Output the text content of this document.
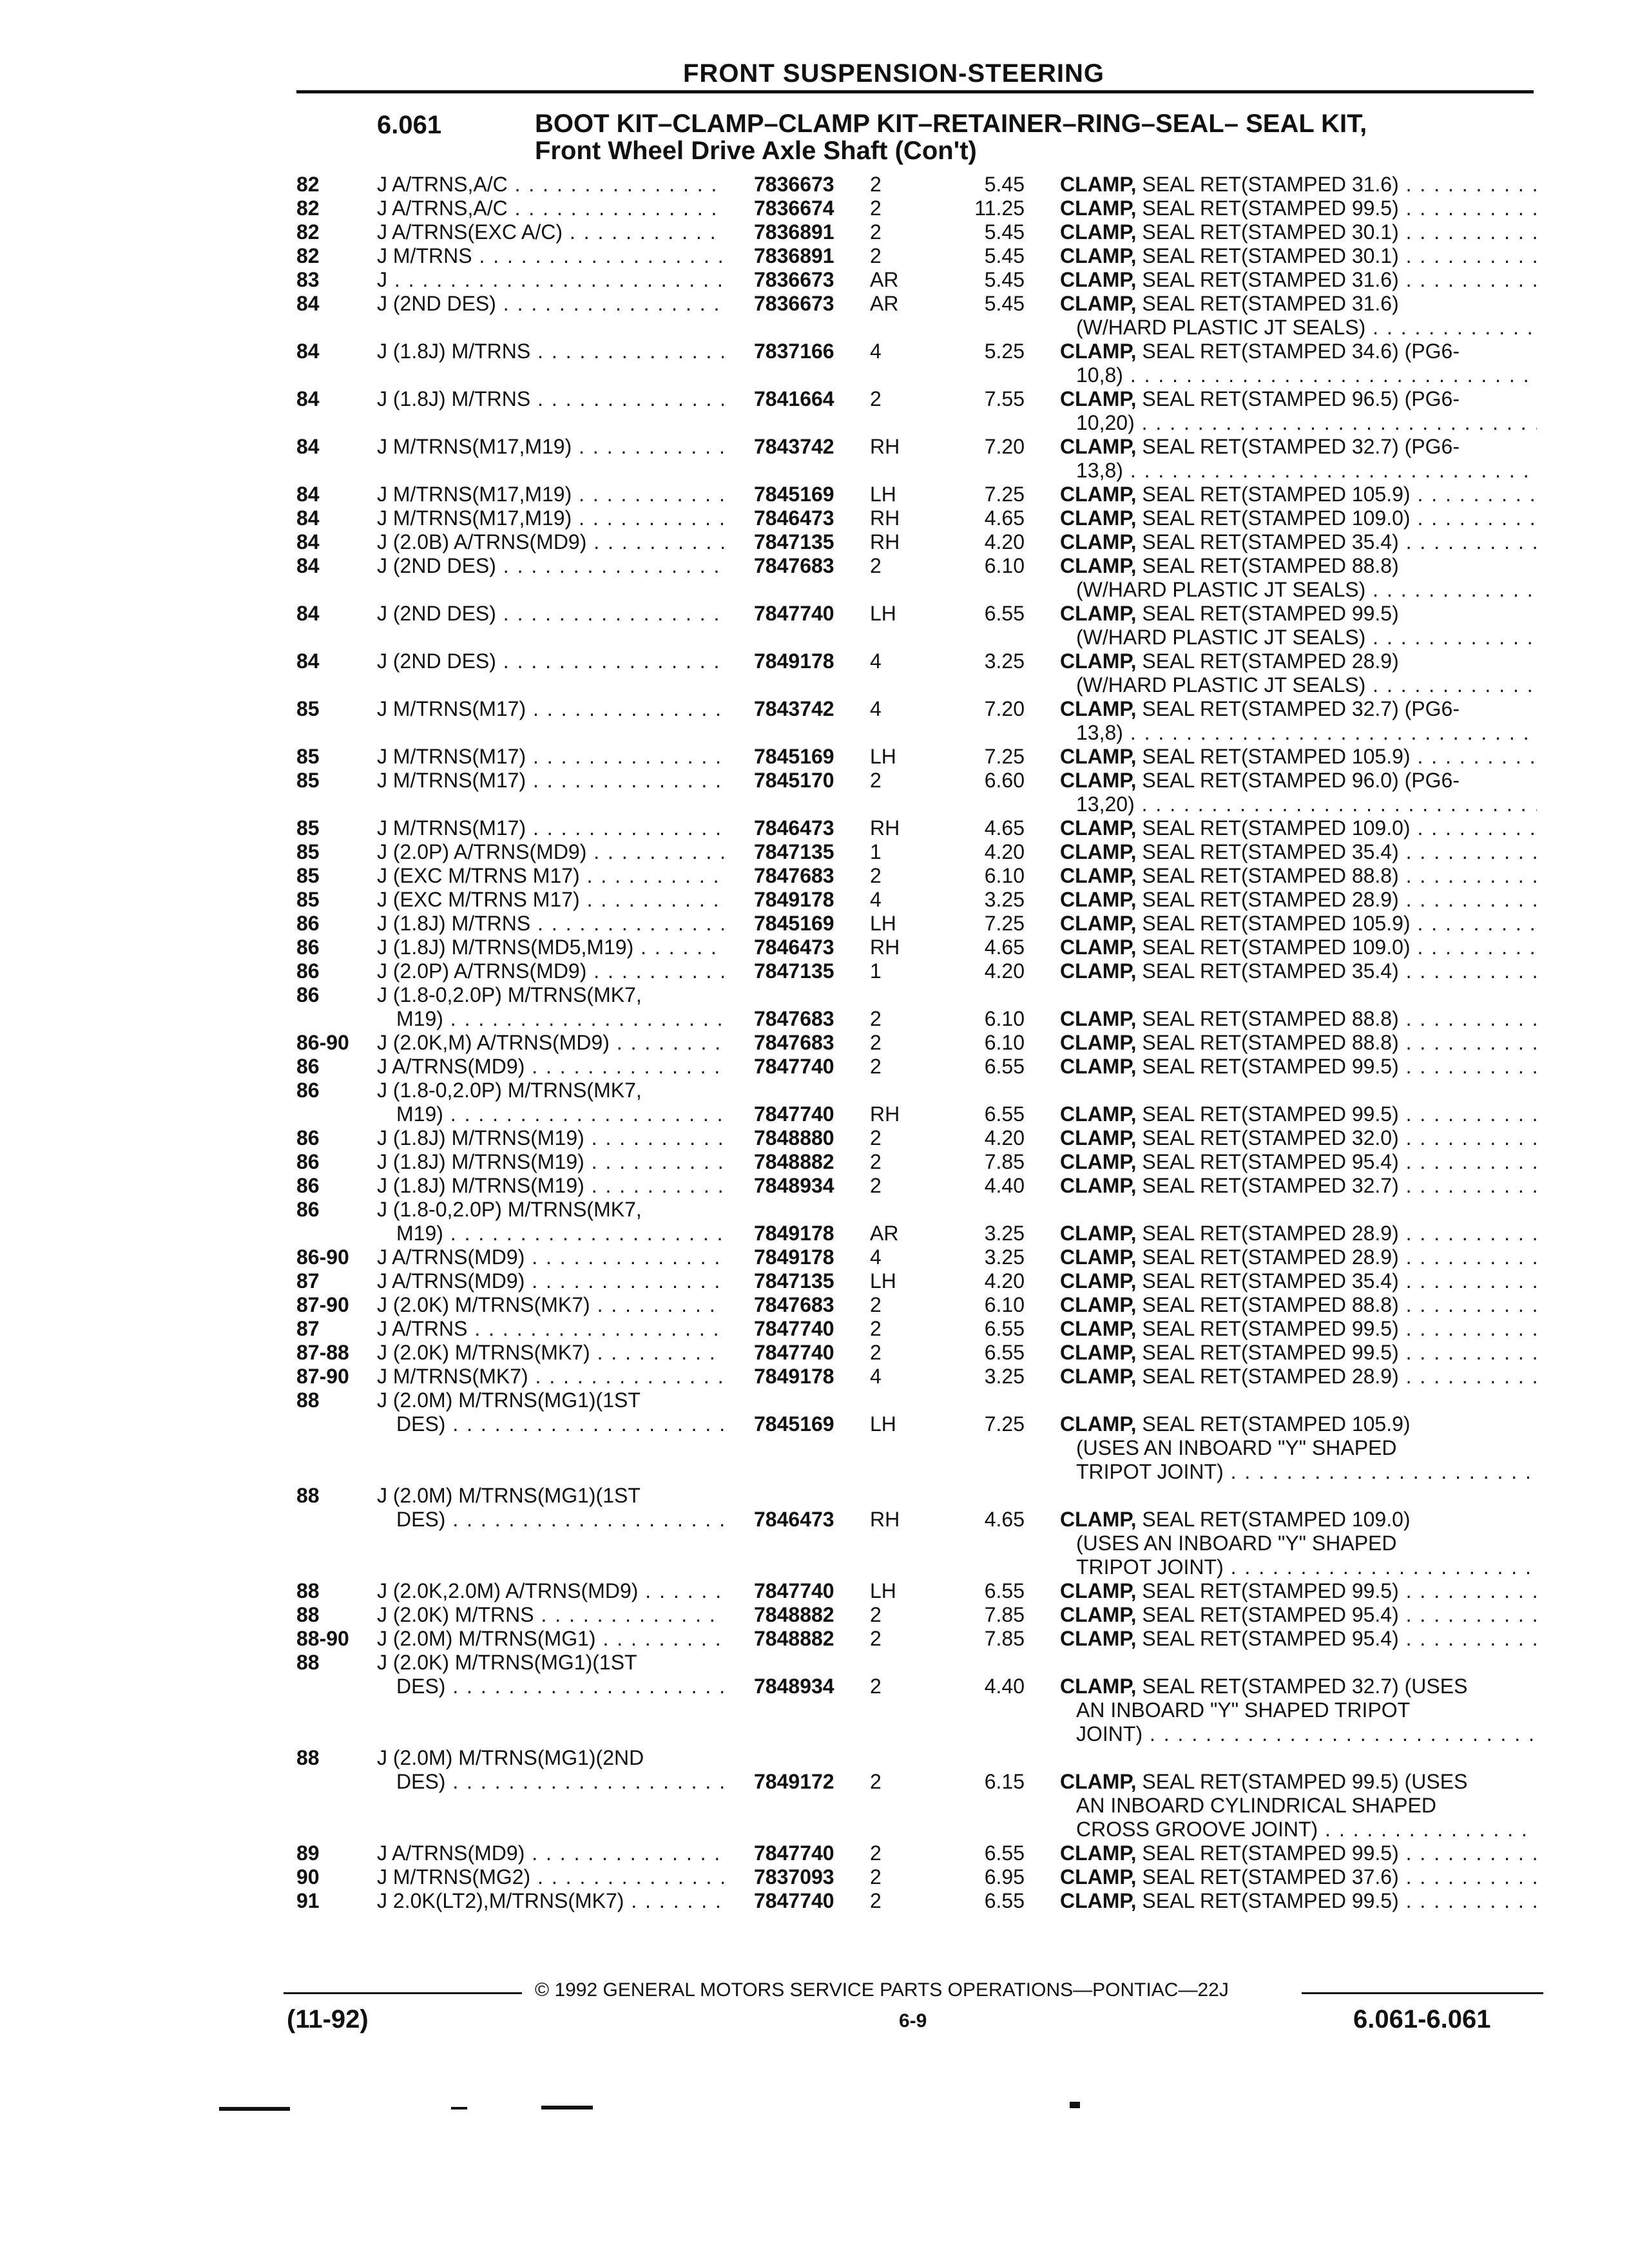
FRONT SUSPENSION-STEERING
6.061	BOOT KIT–CLAMP–CLAMP KIT–RETAINER–RING–SEAL– SEAL KIT,
Front Wheel Drive Axle Shaft (Con't)
82	J A/TRNS,A/C . . .	7836673 2	5.45 CLAMP, SEAL RET(STAMPED 31.6) . . .
82	J A/TRNS,A/C . . .	7836674 2	11.25 CLAMP, SEAL RET(STAMPED 99.5) . . .
82	J A/TRNS(EXC A/C) . . .	7836891 2	5.45 CLAMP, SEAL RET(STAMPED 30.1) . . .
82	J M/TRNS . . .	7836891 2	5.45 CLAMP, SEAL RET(STAMPED 30.1) . . .
83	J . . .	7836673 AR	5.45 CLAMP, SEAL RET(STAMPED 31.6) . . .
84	J (2ND DES) . . .	7836673 AR	5.45 CLAMP, SEAL RET(STAMPED 31.6)
(W/HARD PLASTIC JT SEALS) . . .
84	J (1.8J) M/TRNS . . .	7837166 4	5.25 CLAMP, SEAL RET(STAMPED 34.6) (PG6-
10,8) . . .
84	J (1.8J) M/TRNS . . .	7841664 2	7.55 CLAMP, SEAL RET(STAMPED 96.5) (PG6-
10,20) . . .
84	J M/TRNS(M17,M19) . . .	7843742 RH	7.20 CLAMP, SEAL RET(STAMPED 32.7) (PG6-
13,8) . . .
84	J M/TRNS(M17,M19) . . .	7845169 LH	7.25 CLAMP, SEAL RET(STAMPED 105.9) . . .
84	J M/TRNS(M17,M19) . . .	7846473 RH	4.65 CLAMP, SEAL RET(STAMPED 109.0) . . .
84	J (2.0B) A/TRNS(MD9) . . .	7847135 RH	4.20 CLAMP, SEAL RET(STAMPED 35.4) . . .
84	J (2ND DES) . . .	7847683 2	6.10 CLAMP, SEAL RET(STAMPED 88.8)
(W/HARD PLASTIC JT SEALS) . . .
84	J (2ND DES) . . .	7847740 LH	6.55 CLAMP, SEAL RET(STAMPED 99.5)
(W/HARD PLASTIC JT SEALS) . . .
84	J (2ND DES) . . .	7849178 4	3.25 CLAMP, SEAL RET(STAMPED 28.9)
(W/HARD PLASTIC JT SEALS) . . .
85	J M/TRNS(M17) . . .	7843742 4	7.20 CLAMP, SEAL RET(STAMPED 32.7) (PG6-
13,8) . . .
85	J M/TRNS(M17) . . .	7845169 LH	7.25 CLAMP, SEAL RET(STAMPED 105.9) . . .
85	J M/TRNS(M17) . . .	7845170 2	6.60 CLAMP, SEAL RET(STAMPED 96.0) (PG6-
13,20) . . .
85	J M/TRNS(M17) . . .	7846473 RH	4.65 CLAMP, SEAL RET(STAMPED 109.0) . . .
85	J (2.0P) A/TRNS(MD9) . . .	7847135 1	4.20 CLAMP, SEAL RET(STAMPED 35.4) . . .
85	J (EXC M/TRNS M17) . . .	7847683 2	6.10 CLAMP, SEAL RET(STAMPED 88.8) . . .
85	J (EXC M/TRNS M17) . . .	7849178 4	3.25 CLAMP, SEAL RET(STAMPED 28.9) . . .
86	J (1.8J) M/TRNS . . .	7845169 LH	7.25 CLAMP, SEAL RET(STAMPED 105.9) . . .
86	J (1.8J) M/TRNS(MD5,M19) . . .	7846473 RH	4.65 CLAMP, SEAL RET(STAMPED 109.0) . . .
86	J (2.0P) A/TRNS(MD9) . . .	7847135 1	4.20 CLAMP, SEAL RET(STAMPED 35.4) . . .
86	J (1.8-0,2.0P) M/TRNS(MK7,
M19) . . .	7847683 2	6.10 CLAMP, SEAL RET(STAMPED 88.8) . . .
86-90 J (2.0K,M) A/TRNS(MD9) . . .	7847683 2	6.10 CLAMP, SEAL RET(STAMPED 88.8) . . .
86	J A/TRNS(MD9) . . .	7847740 2	6.55 CLAMP, SEAL RET(STAMPED 99.5) . . .
86	J (1.8-0,2.0P) M/TRNS(MK7,
M19) . . .	7847740 RH	6.55 CLAMP, SEAL RET(STAMPED 99.5) . . .
86	J (1.8J) M/TRNS(M19) . . .	7848880 2	4.20 CLAMP, SEAL RET(STAMPED 32.0) . . .
86	J (1.8J) M/TRNS(M19) . . .	7848882 2	7.85 CLAMP, SEAL RET(STAMPED 95.4) . . .
86	J (1.8J) M/TRNS(M19) . . .	7848934 2	4.40 CLAMP, SEAL RET(STAMPED 32.7) . . .
86	J (1.8-0,2.0P) M/TRNS(MK7,
M19) . . .	7849178 AR	3.25 CLAMP, SEAL RET(STAMPED 28.9) . . .
86-90 J A/TRNS(MD9) . . .	7849178 4	3.25 CLAMP, SEAL RET(STAMPED 28.9) . . .
87	J A/TRNS(MD9) . . .	7847135 LH	4.20 CLAMP, SEAL RET(STAMPED 35.4) . . .
87-90 J (2.0K) M/TRNS(MK7) . . .	7847683 2	6.10 CLAMP, SEAL RET(STAMPED 88.8) . . .
87	J A/TRNS . . .	7847740 2	6.55 CLAMP, SEAL RET(STAMPED 99.5) . . .
87-88 J (2.0K) M/TRNS(MK7) . . .	7847740 2	6.55 CLAMP, SEAL RET(STAMPED 99.5) . . .
87-90 J M/TRNS(MK7) . . .	7849178 4	3.25 CLAMP, SEAL RET(STAMPED 28.9) . . .
88	J (2.0M) M/TRNS(MG1)(1ST
DES) . . .	7845169 LH	7.25 CLAMP, SEAL RET(STAMPED 105.9)
(USES AN INBOARD "Y" SHAPED
TRIPOT JOINT) . . .
88	J (2.0M) M/TRNS(MG1)(1ST
DES) . . .	7846473 RH	4.65 CLAMP, SEAL RET(STAMPED 109.0)
(USES AN INBOARD "Y" SHAPED
TRIPOT JOINT) . . .
88	J (2.0K,2.0M) A/TRNS(MD9) . . .	7847740 LH	6.55 CLAMP, SEAL RET(STAMPED 99.5) . . .
88	J (2.0K) M/TRNS . . .	7848882 2	7.85 CLAMP, SEAL RET(STAMPED 95.4) . . .
88-90 J (2.0M) M/TRNS(MG1) . . .	7848882 2	7.85 CLAMP, SEAL RET(STAMPED 95.4) . . .
88	J (2.0K) M/TRNS(MG1)(1ST
DES) . . .	7848934 2	4.40 CLAMP, SEAL RET(STAMPED 32.7) (USES
AN INBOARD "Y" SHAPED TRIPOT
JOINT) . . .
88	J (2.0M) M/TRNS(MG1)(2ND
DES) . . .	7849172 2	6.15 CLAMP, SEAL RET(STAMPED 99.5) (USES
AN INBOARD CYLINDRICAL SHAPED
CROSS GROOVE JOINT) . . .
89	J A/TRNS(MD9) . . .	7847740 2	6.55 CLAMP, SEAL RET(STAMPED 99.5) . . .
90	J M/TRNS(MG2) . . .	7837093 2	6.95 CLAMP, SEAL RET(STAMPED 37.6) . . .
91	J 2.0K(LT2),M/TRNS(MK7) . . .	7847740 2	6.55 CLAMP, SEAL RET(STAMPED 99.5) . . .
© 1992 GENERAL MOTORS SERVICE PARTS OPERATIONS—PONTIAC—22J
(11-92)	6-9	6.061-6.061
